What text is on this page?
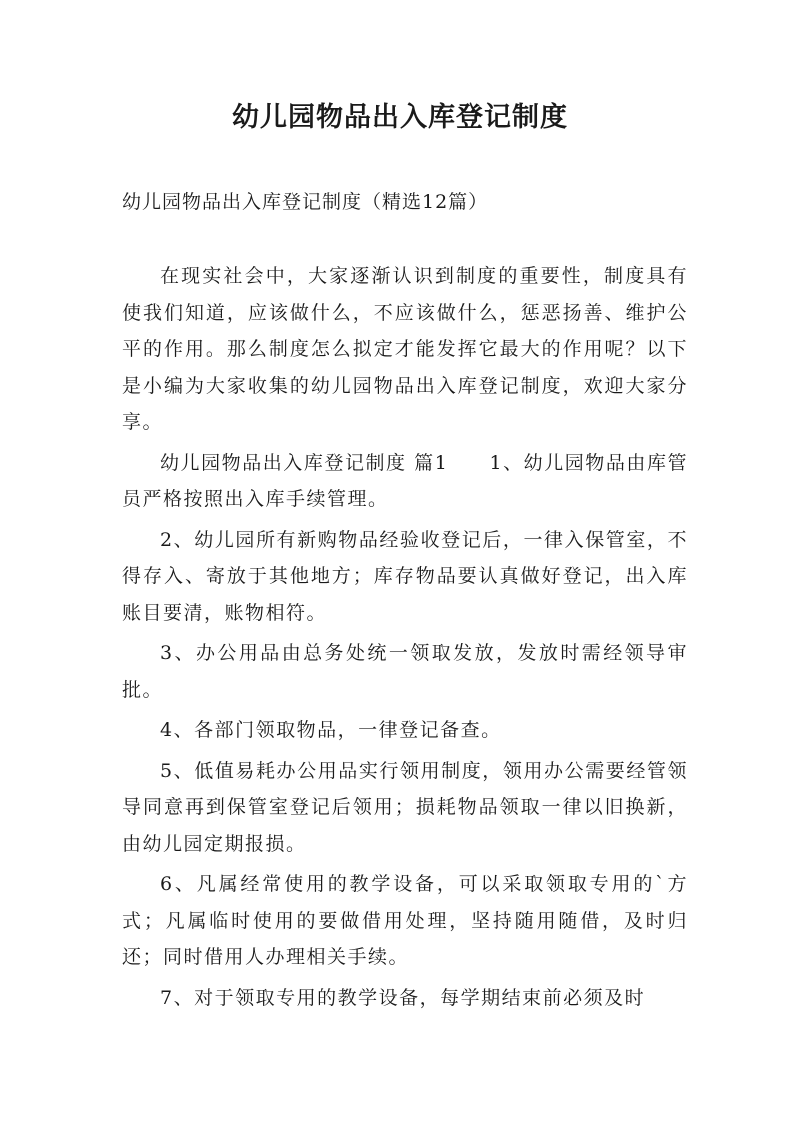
幼儿园物品出入库登记制度

幼儿园物品出入库登记制度（精选12篇）

在现实社会中，大家逐渐认识到制度的重要性，制度具有使我们知道，应该做什么，不应该做什么，惩恶扬善、维护公平的作用。那么制度怎么拟定才能发挥它最大的作用呢？以下是小编为大家收集的幼儿园物品出入库登记制度，欢迎大家分享。

幼儿园物品出入库登记制度 篇1　　1、幼儿园物品由库管员严格按照出入库手续管理。

2、幼儿园所有新购物品经验收登记后，一律入保管室，不得存入、寄放于其他地方；库存物品要认真做好登记，出入库账目要清，账物相符。

3、办公用品由总务处统一领取发放，发放时需经领导审批。

4、各部门领取物品，一律登记备查。

5、低值易耗办公用品实行领用制度，领用办公需要经管领导同意再到保管室登记后领用；损耗物品领取一律以旧换新，由幼儿园定期报损。

6、凡属经常使用的教学设备，可以采取领取专用的`方式；凡属临时使用的要做借用处理，坚持随用随借，及时归还；同时借用人办理相关手续。

7、对于领取专用的教学设备，每学期结束前必须及时
